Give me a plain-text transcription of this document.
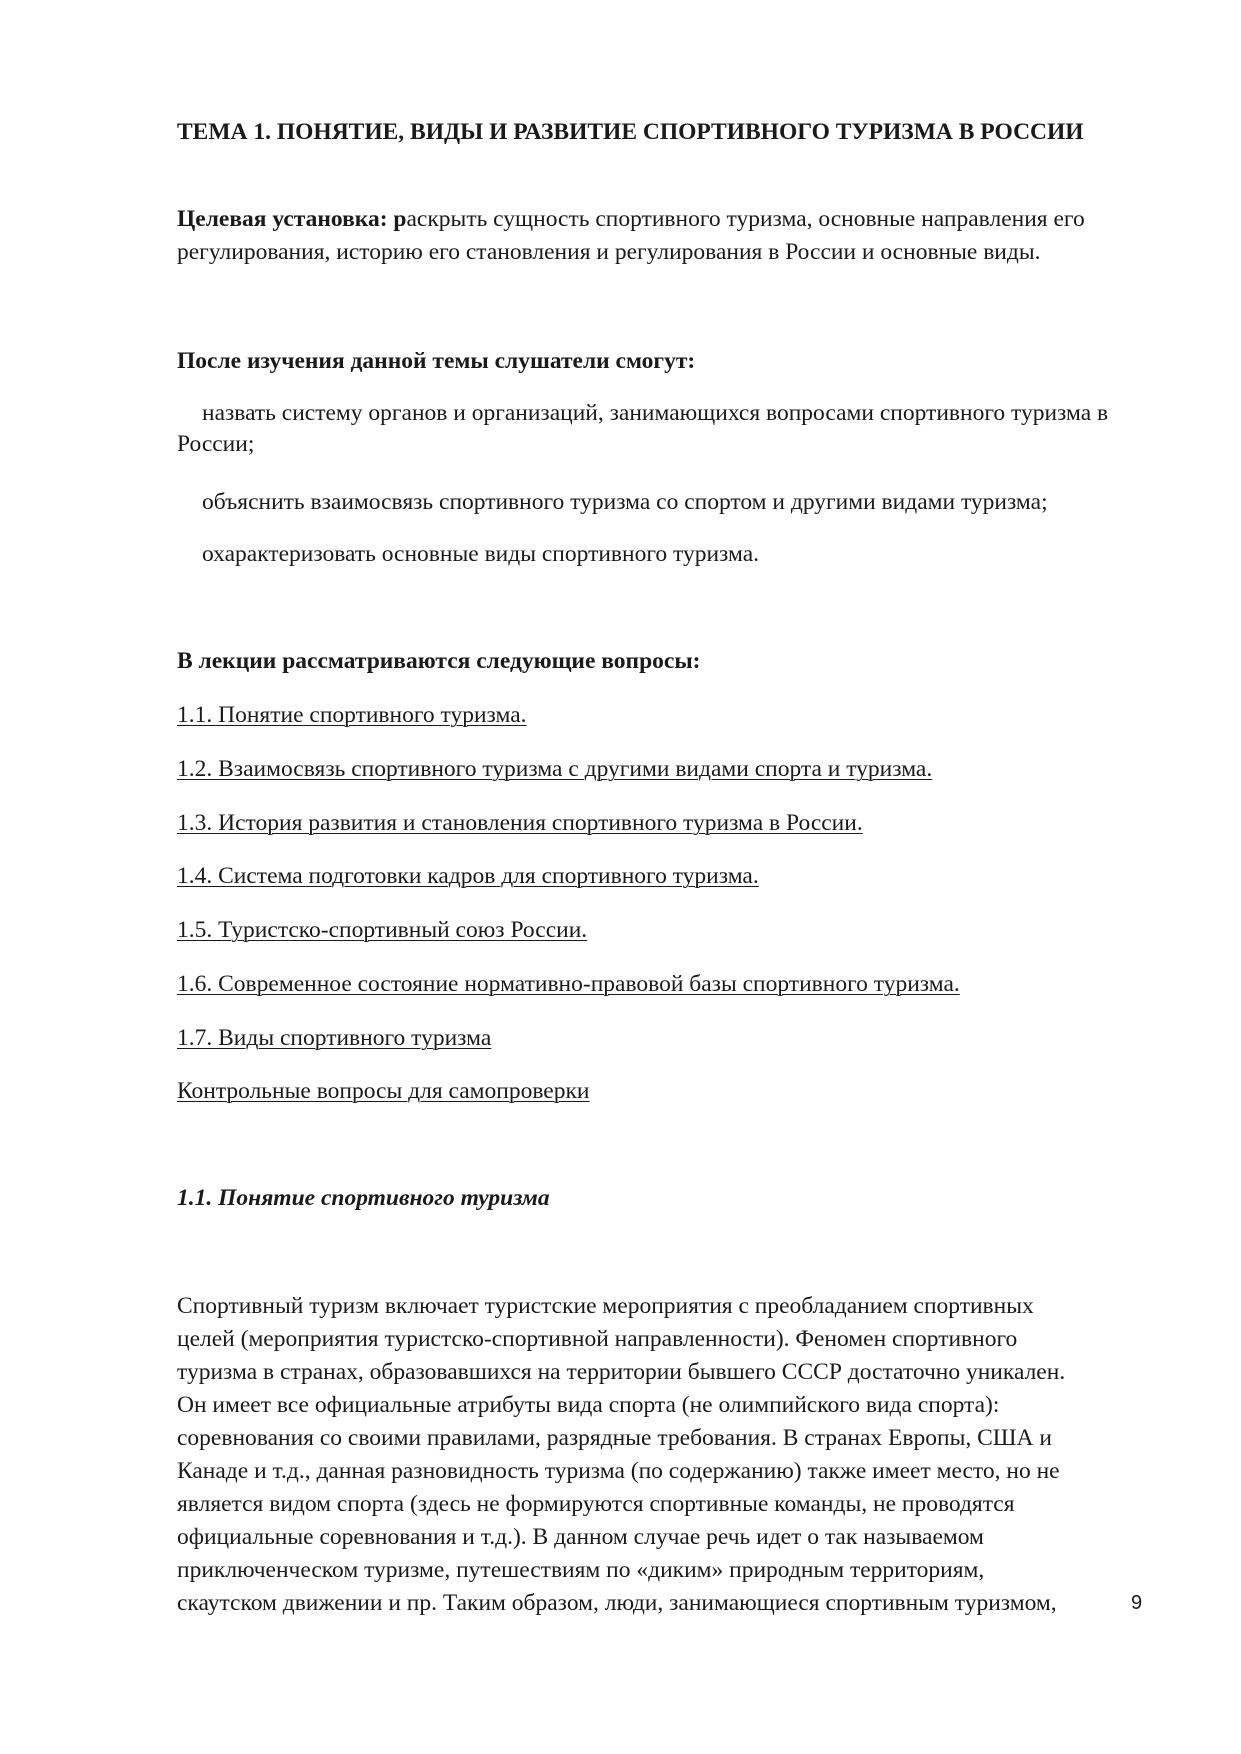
ТЕМА 1. ПОНЯТИЕ, ВИДЫ И РАЗВИТИЕ СПОРТИВНОГО ТУРИЗМА В РОССИИ
Целевая установка: раскрыть сущность спортивного туризма, основные направления его регулирования, историю его становления и регулирования в России и основные виды.
После изучения данной темы слушатели смогут:
назвать систему органов и организаций, занимающихся вопросами спортивного туризма в России;
объяснить взаимосвязь спортивного туризма со спортом и другими видами туризма;
охарактеризовать основные виды спортивного туризма.
В лекции рассматриваются следующие вопросы:
1.1. Понятие спортивного туризма.
1.2. Взаимосвязь спортивного туризма с другими видами спорта и туризма.
1.3. История развития и становления спортивного туризма в России.
1.4. Система подготовки кадров для спортивного туризма.
1.5. Туристско-спортивный союз России.
1.6. Современное состояние нормативно-правовой базы спортивного туризма.
1.7. Виды спортивного туризма
Контрольные вопросы для самопроверки
1.1. Понятие спортивного туризма
Спортивный туризм включает туристские мероприятия с преобладанием спортивных
целей (мероприятия туристско-спортивной направленности). Феномен спортивного
туризма в странах, образовавшихся на территории бывшего СССР достаточно уникален.
Он имеет все официальные атрибуты вида спорта (не олимпийского вида спорта):
соревнования со своими правилами, разрядные требования. В странах Европы, США и
Канаде и т.д., данная разновидность туризма (по содержанию) также имеет место, но не
является видом спорта (здесь не формируются спортивные команды, не проводятся
официальные соревнования и т.д.). В данном случае речь идет о так называемом
приключенческом туризме, путешествиям по «диким» природным территориям,
скаутском движении и пр. Таким образом, люди, занимающиеся спортивным туризмом,	9
